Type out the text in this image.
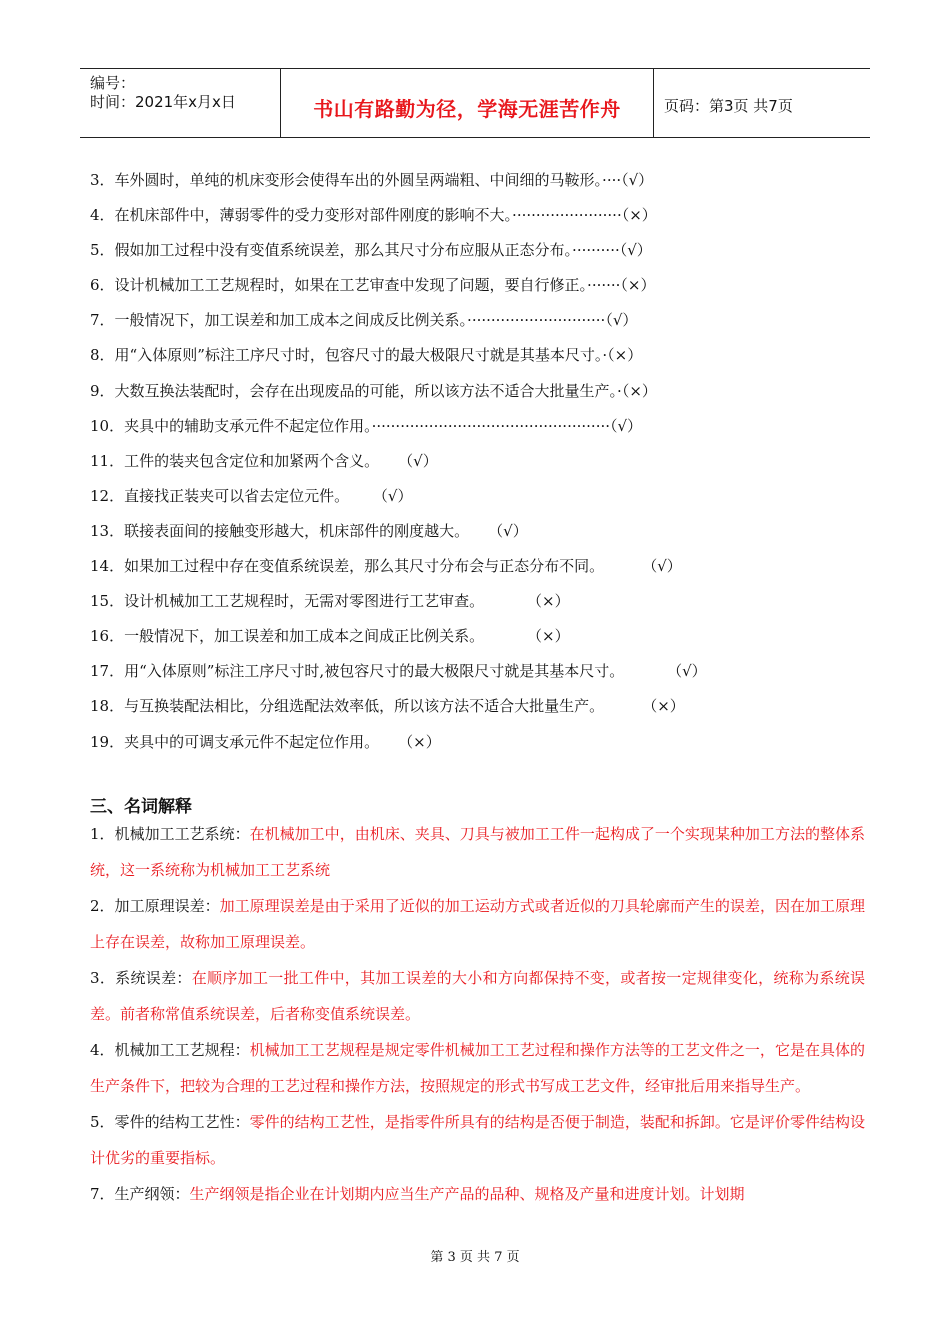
编号：
时间：2021年x月x日	书山有路勤为径，学海无涯苦作舟	页码：第3页 共7页
3．车外圆时，单纯的机床变形会使得车出的外圆呈两端粗、中间细的马鞍形。····（√）
4．在机床部件中，薄弱零件的受力变形对部件刚度的影响不大。·······················（×）
5．假如加工过程中没有变值系统误差，那么其尺寸分布应服从正态分布。··········（√）
6．设计机械加工工艺规程时，如果在工艺审查中发现了问题，要自行修正。·······（×）
7．一般情况下，加工误差和加工成本之间成反比例关系。·····························（√）
8．用“入体原则”标注工序尺寸时，包容尺寸的最大极限尺寸就是其基本尺寸。·（×）
9．大数互换法装配时，会存在出现废品的可能，所以该方法不适合大批量生产。·（×）
10．夹具中的辅助支承元件不起定位作用。··················································（√）
11．工件的装夹包含定位和加紧两个含义。    （√）
12．直接找正装夹可以省去定位元件。     （√）
13．联接表面间的接触变形越大，机床部件的刚度越大。    （√）
14．如果加工过程中存在变值系统误差，那么其尺寸分布会与正态分布不同。        （√）
15．设计机械加工工艺规程时，无需对零图进行工艺审查。         （×）
16．一般情况下，加工误差和加工成本之间成正比例关系。         （×）
17．用“入体原则”标注工序尺寸时,被包容尺寸的最大极限尺寸就是其基本尺寸。         （√）
18．与互换装配法相比，分组选配法效率低，所以该方法不适合大批量生产。        （×）
19．夹具中的可调支承元件不起定位作用。    （×）
三、名词解释
1．机械加工工艺系统：在机械加工中，由机床、夹具、刀具与被加工工件一起构成了一个实现某种加工方法的整体系统，这一系统称为机械加工工艺系统
2．加工原理误差：加工原理误差是由于采用了近似的加工运动方式或者近似的刀具轮廓而产生的误差，因在加工原理上存在误差，故称加工原理误差。
3．系统误差：在顺序加工一批工件中，其加工误差的大小和方向都保持不变，或者按一定规律变化，统称为系统误差。前者称常值系统误差，后者称变值系统误差。
4．机械加工工艺规程：机械加工工艺规程是规定零件机械加工工艺过程和操作方法等的工艺文件之一，它是在具体的生产条件下，把较为合理的工艺过程和操作方法，按照规定的形式书写成工艺文件，经审批后用来指导生产。
5．零件的结构工艺性：零件的结构工艺性，是指零件所具有的结构是否便于制造，装配和拆卸。它是评价零件结构设计优劣的重要指标。
7．生产纲领：生产纲领是指企业在计划期内应当生产产品的品种、规格及产量和进度计划。计划期
第 3 页 共 7 页
